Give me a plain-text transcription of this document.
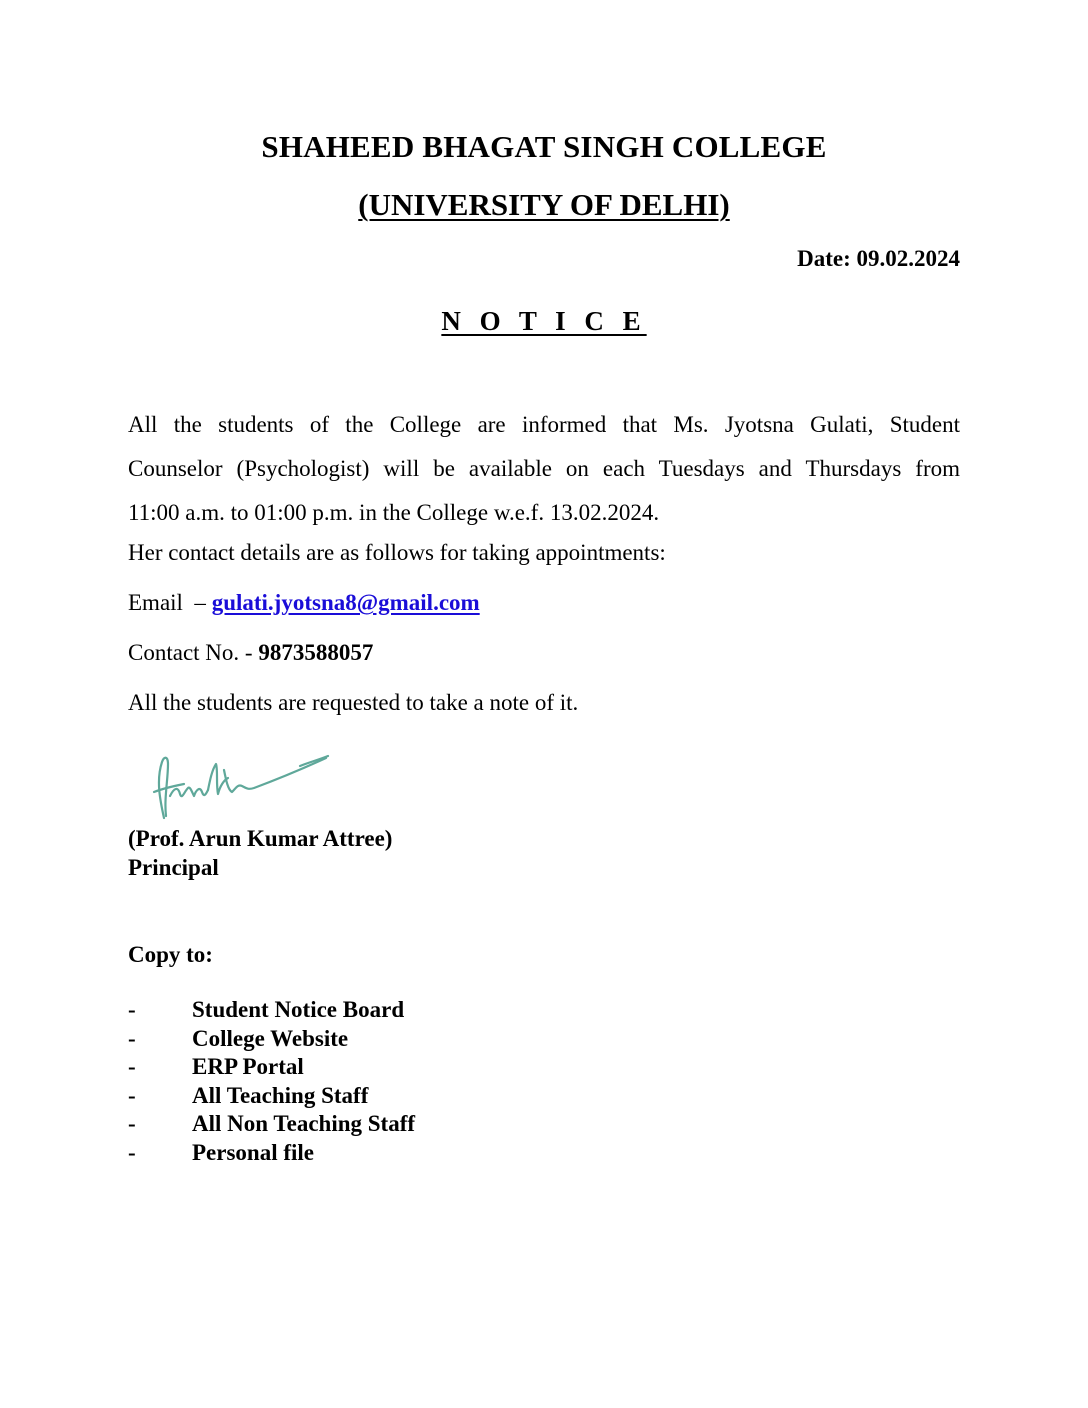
SHAHEED BHAGAT SINGH COLLEGE
(UNIVERSITY OF DELHI)
Date: 09.02.2024
N O T I C E
All the students of the College are informed that Ms. Jyotsna Gulati, Student
Counselor (Psychologist) will be available on each Tuesdays and Thursdays from
11:00 a.m. to 01:00 p.m. in the College w.e.f. 13.02.2024.
Her contact details are as follows for taking appointments:
Email  – gulati.jyotsna8@gmail.com
Contact No. - 9873588057
All the students are requested to take a note of it.
(Prof. Arun Kumar Attree)
Principal
Copy to:
-	Student Notice Board
-	College Website
-	ERP Portal
-	All Teaching Staff
-	All Non Teaching Staff
-	Personal file
